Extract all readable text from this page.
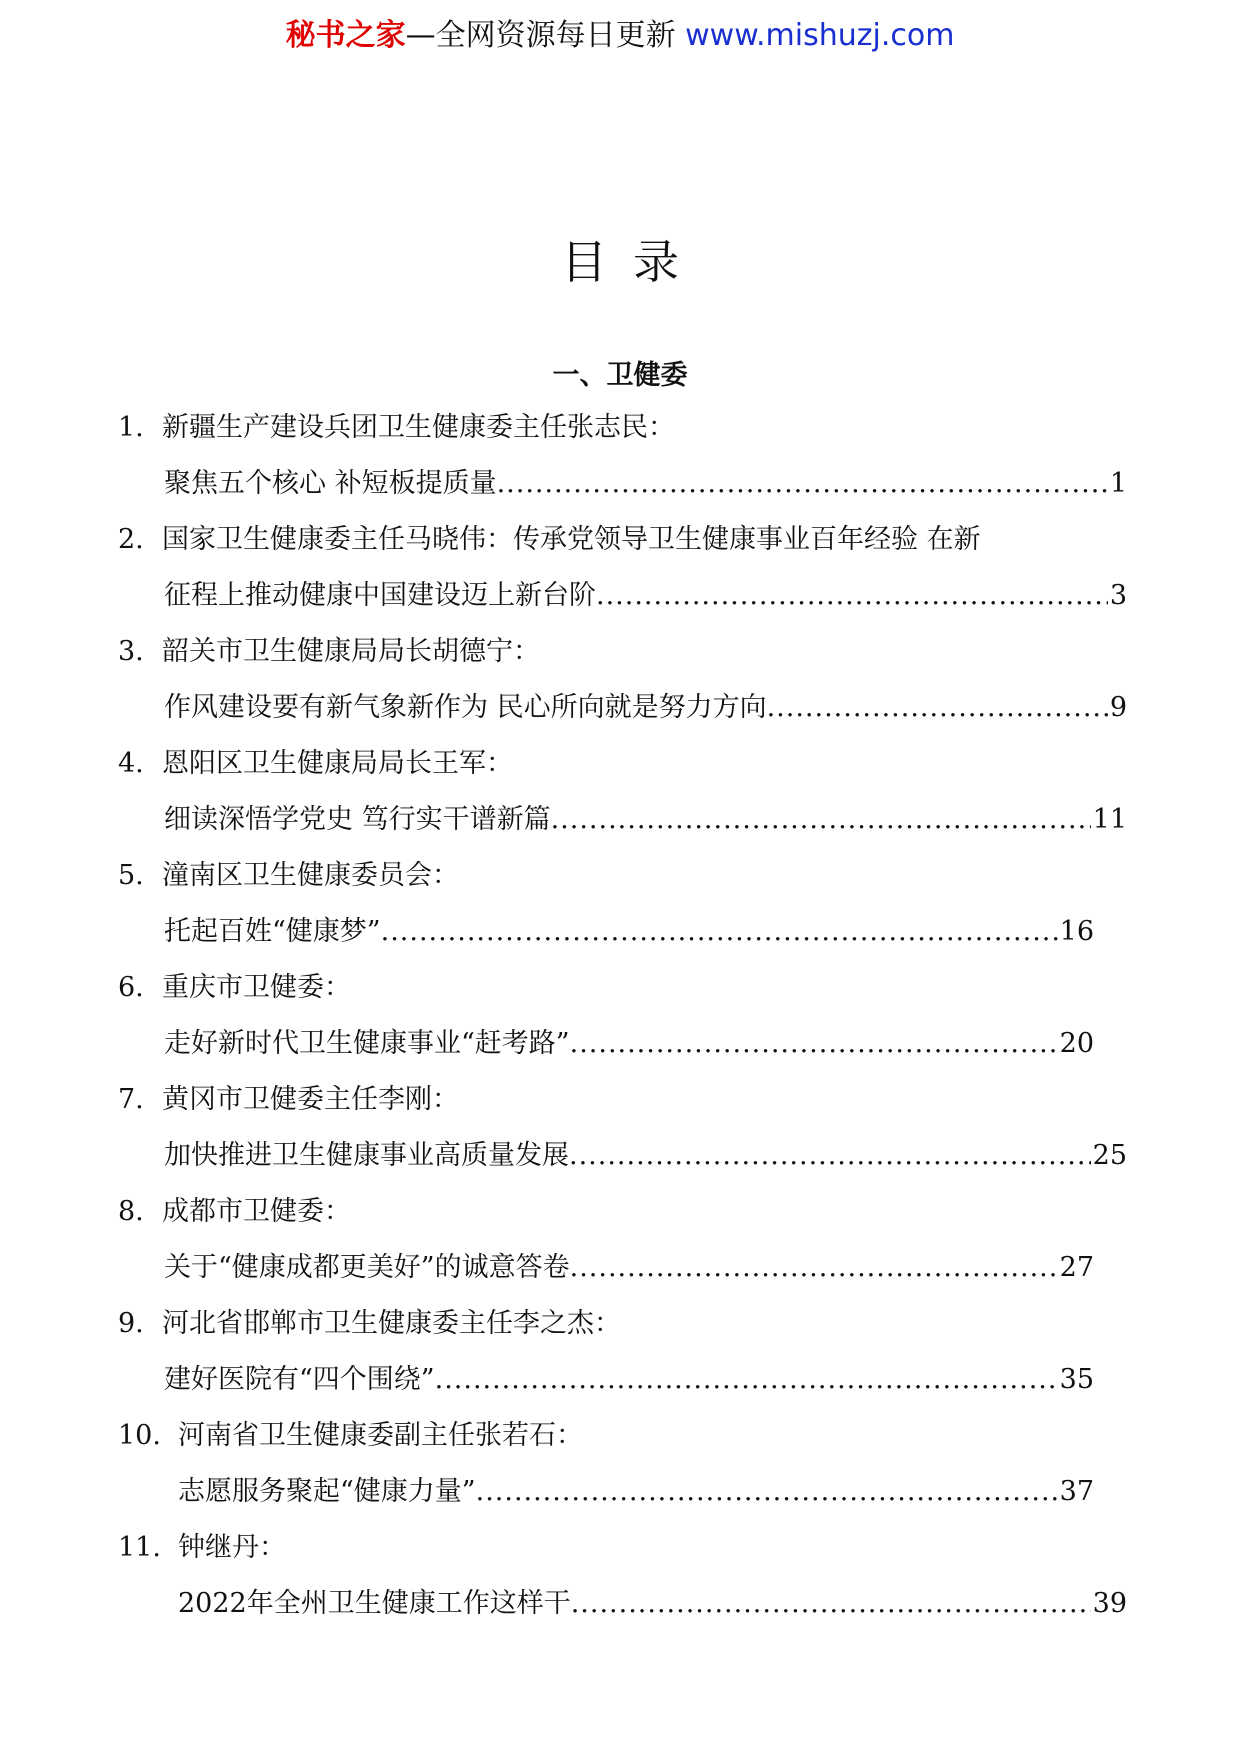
秘书之家—全网资源每日更新 www.mishuzj.com
目录
一、卫健委
1. 新疆生产建设兵团卫生健康委主任张志民：
聚焦五个核心 补短板提质量 .....	1
2. 国家卫生健康委主任马晓伟：传承党领导卫生健康事业百年经验 在新
征程上推动健康中国建设迈上新台阶 .....	3
3. 韶关市卫生健康局局长胡德宁：
作风建设要有新气象新作为 民心所向就是努力方向 .....	9
4. 恩阳区卫生健康局局长王军：
细读深悟学党史 笃行实干谱新篇 .....	11
5. 潼南区卫生健康委员会：
托起百姓“健康梦” .....	16
6. 重庆市卫健委：
走好新时代卫生健康事业“赶考路” .....	20
7. 黄冈市卫健委主任李刚：
加快推进卫生健康事业高质量发展 .....	25
8. 成都市卫健委：
关于“健康成都更美好”的诚意答卷 .....	27
9. 河北省邯郸市卫生健康委主任李之杰：
建好医院有“四个围绕” .....	35
10. 河南省卫生健康委副主任张若石：
志愿服务聚起“健康力量” .....	37
11. 钟继丹：
2022年全州卫生健康工作这样干 .....	39
